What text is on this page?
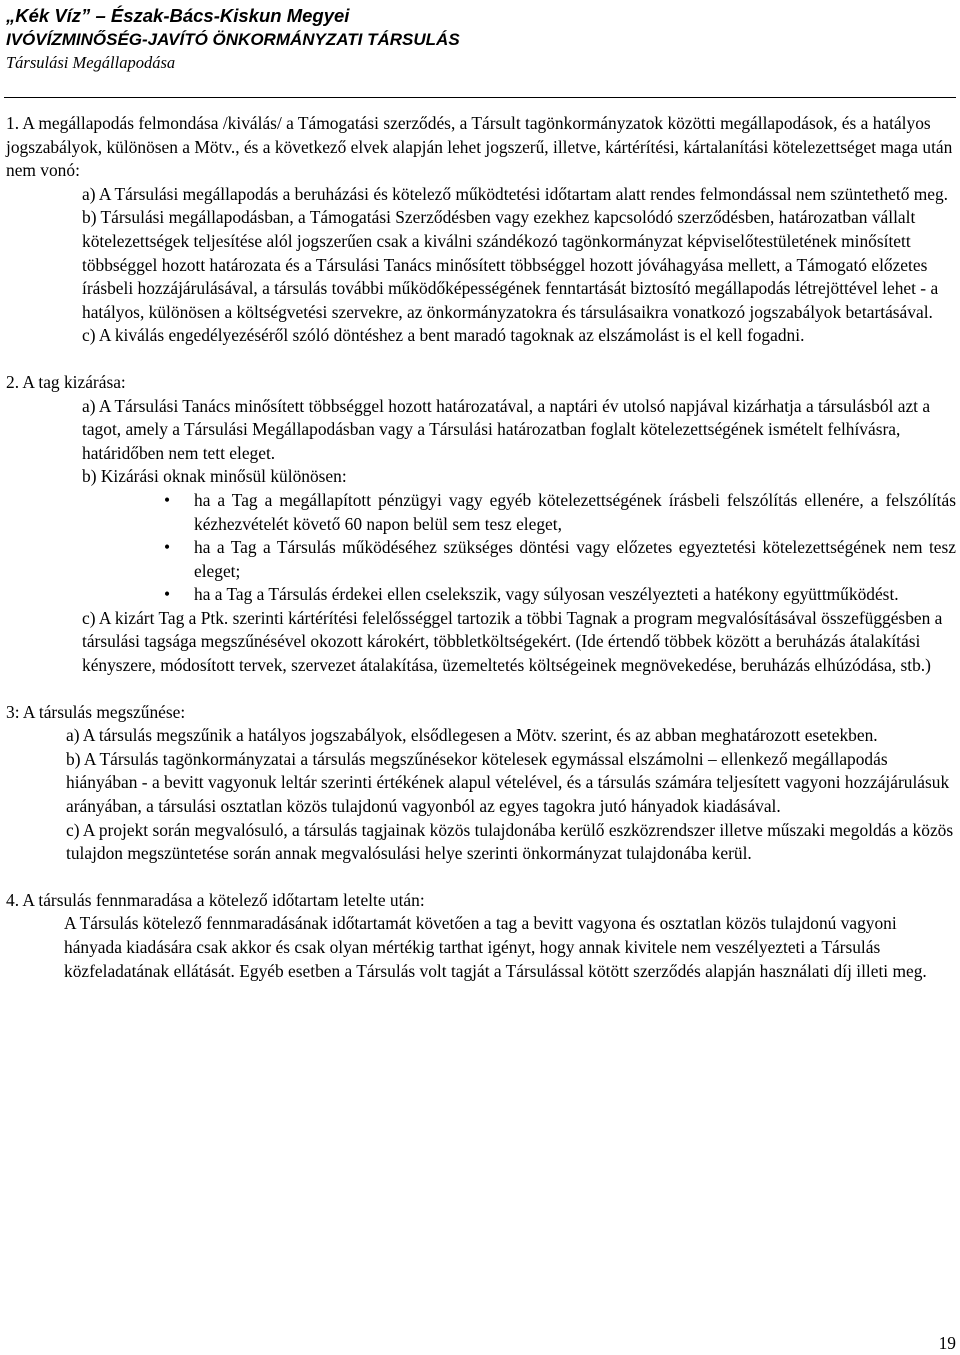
„Kék Víz” – Észak-Bács-Kiskun Megyei
IVÓVÍZMINŐSÉG-JAVÍTÓ ÖNKORMÁNYZATI TÁRSULÁS
Társulási Megállapodása

1. A megállapodás felmondása /kiválás/ a Támogatási szerződés, a Társult tagönkormányzatok közötti megállapodások, és a hatályos jogszabályok, különösen a Mötv., és a következő elvek alapján lehet jogszerű, illetve, kártérítési, kártalanítási kötelezettséget maga után nem vonó:

a) A Társulási megállapodás a beruházási és kötelező működtetési időtartam alatt rendes felmondással nem szüntethető meg.

b) Társulási megállapodásban, a Támogatási Szerződésben vagy ezekhez kapcsolódó szerződésben, határozatban vállalt kötelezettségek teljesítése alól jogszerűen csak a kiválni szándékozó tagönkormányzat képviselőtestületének minősített többséggel hozott határozata és a Társulási Tanács minősített többséggel hozott jóváhagyása mellett, a Támogató előzetes írásbeli hozzájárulásával, a társulás további működőképességének fenntartását biztosító megállapodás létrejöttével lehet - a hatályos, különösen a költségvetési szervekre, az önkormányzatokra és társulásaikra vonatkozó jogszabályok betartásával.

c) A kiválás engedélyezéséről szóló döntéshez a bent maradó tagoknak az elszámolást is el kell fogadni.

2. A tag kizárása:

a) A Társulási Tanács minősített többséggel hozott határozatával, a naptári év utolsó napjával kizárhatja a társulásból azt a tagot, amely a Társulási Megállapodásban vagy a Társulási határozatban foglalt kötelezettségének ismételt felhívásra, határidőben nem tett eleget.

b) Kizárási oknak minősül különösen:

• ha a Tag a megállapított pénzügyi vagy egyéb kötelezettségének írásbeli felszólítás ellenére, a felszólítás kézhezvételét követő 60 napon belül sem tesz eleget,
• ha a Tag a Társulás működéséhez szükséges döntési vagy előzetes egyeztetési kötelezettségének nem tesz eleget;
• ha a Tag a Társulás érdekei ellen cselekszik, vagy súlyosan veszélyezteti a hatékony együttműködést.

c) A kizárt Tag a Ptk. szerinti kártérítési felelősséggel tartozik a többi Tagnak a program megvalósításával összefüggésben a társulási tagsága megszűnésével okozott károkért, többletköltségekért. (Ide értendő többek között a beruházás átalakítási kényszere, módosított tervek, szervezet átalakítása, üzemeltetés költségeinek megnövekedése, beruházás elhúzódása, stb.)

3: A társulás megszűnése:

a) A társulás megszűnik a hatályos jogszabályok, elsődlegesen a Mötv. szerint, és az abban meghatározott esetekben.

b) A Társulás tagönkormányzatai a társulás megszűnésekor kötelesek egymással elszámolni – ellenkező megállapodás hiányában - a bevitt vagyonuk leltár szerinti értékének alapul vételével, és a társulás számára teljesített vagyoni hozzájárulásuk arányában, a társulási osztatlan közös tulajdonú vagyonból az egyes tagokra jutó hányadok kiadásával.

c) A projekt során megvalósuló, a társulás tagjainak közös tulajdonába kerülő eszközrendszer illetve műszaki megoldás a közös tulajdon megszüntetése során annak megvalósulási helye szerinti önkormányzat tulajdonába kerül.

4. A társulás fennmaradása a kötelező időtartam letelte után:

A Társulás kötelező fennmaradásának időtartamát követően a tag a bevitt vagyona és osztatlan közös tulajdonú vagyoni hányada kiadására csak akkor és csak olyan mértékig tarthat igényt, hogy annak kivitele nem veszélyezteti a Társulás közfeladatának ellátását. Egyéb esetben a Társulás volt tagját a Társulással kötött szerződés alapján használati díj illeti meg.

19
